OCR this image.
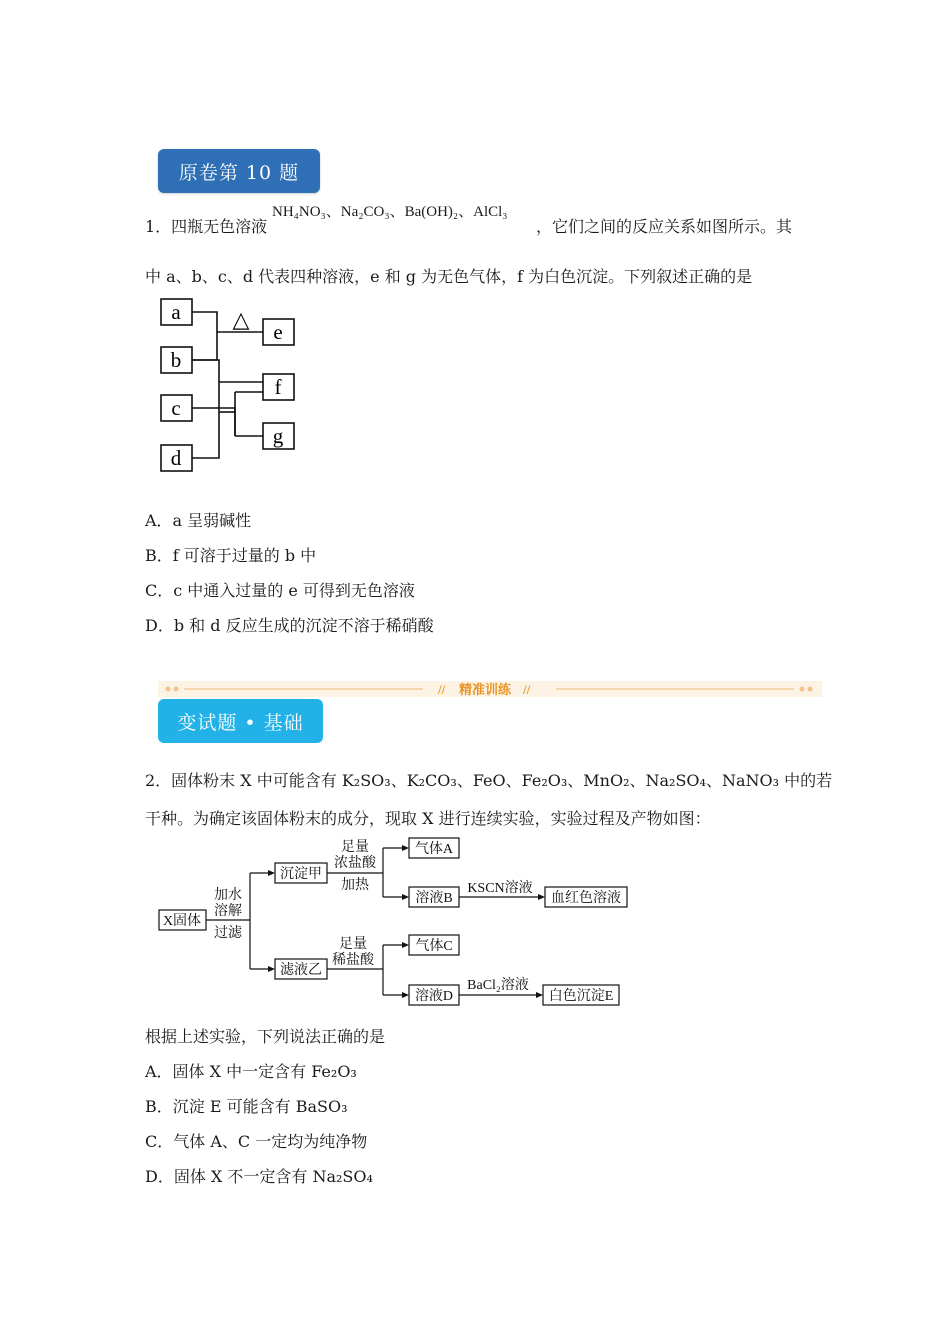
原卷第 10 题
1．四瓶无色溶液
NH₄NO₃、Na₂CO₃、Ba(OH)₂、AlCl₃
，它们之间的反应关系如图所示。其
中 a、b、c、d 代表四种溶液，e 和 g 为无色气体，f 为白色沉淀。下列叙述正确的是
a
b
c
d
e
f
g
△
A．a 呈弱碱性
B．f 可溶于过量的 b 中
C．c 中通入过量的 e 可得到无色溶液
D．b 和 d 反应生成的沉淀不溶于稀硝酸
//	//
精准训练
变试题 • 基础
2．固体粉末 X 中可能含有 K₂SO₃、K₂CO₃、FeO、Fe₂O₃、MnO₂、Na₂SO₄、NaNO₃ 中的若
干种。为确定该固体粉末的成分，现取 X 进行连续实验，实验过程及产物如图：
X固体
加水
溶解
过滤
沉淀甲
滤液乙
足量
浓盐酸
加热
气体A
溶液B
KSCN溶液
血红色溶液
足量
稀盐酸
气体C
溶液D
BaCl₂溶液
白色沉淀E
根据上述实验，下列说法正确的是
A．固体 X 中一定含有 Fe₂O₃
B．沉淀 E 可能含有 BaSO₃
C．气体 A、C 一定均为纯净物
D．固体 X 不一定含有 Na₂SO₄
